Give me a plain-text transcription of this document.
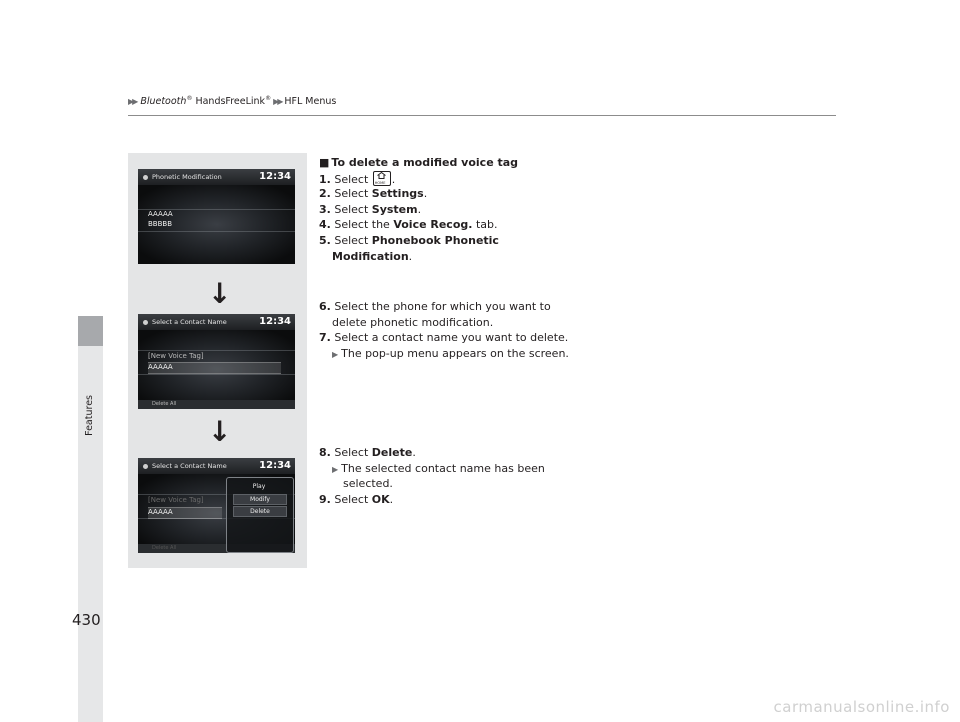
▶▶ Bluetooth® HandsFreeLink® ▶▶ HFL Menus
Features
Phonetic Modification	12:34
AAAAA
BBBBB
↓
Select a Contact Name	12:34
[New Voice Tag]
AAAAA
Delete All
↓
Select a Contact Name	12:34
[New Voice Tag]
AAAAA
Delete All
Play
Modify
Delete
■ To delete a modified voice tag
1. Select HOME .
2. Select Settings.
3. Select System.
4. Select the Voice Recog. tab.
5. Select Phonebook Phonetic
Modification.
6. Select the phone for which you want to
delete phonetic modification.
7. Select a contact name you want to delete.
▶ The pop-up menu appears on the screen.
8. Select Delete.
▶ The selected contact name has been
selected.
9. Select OK.
430
carmanualsonline.info
